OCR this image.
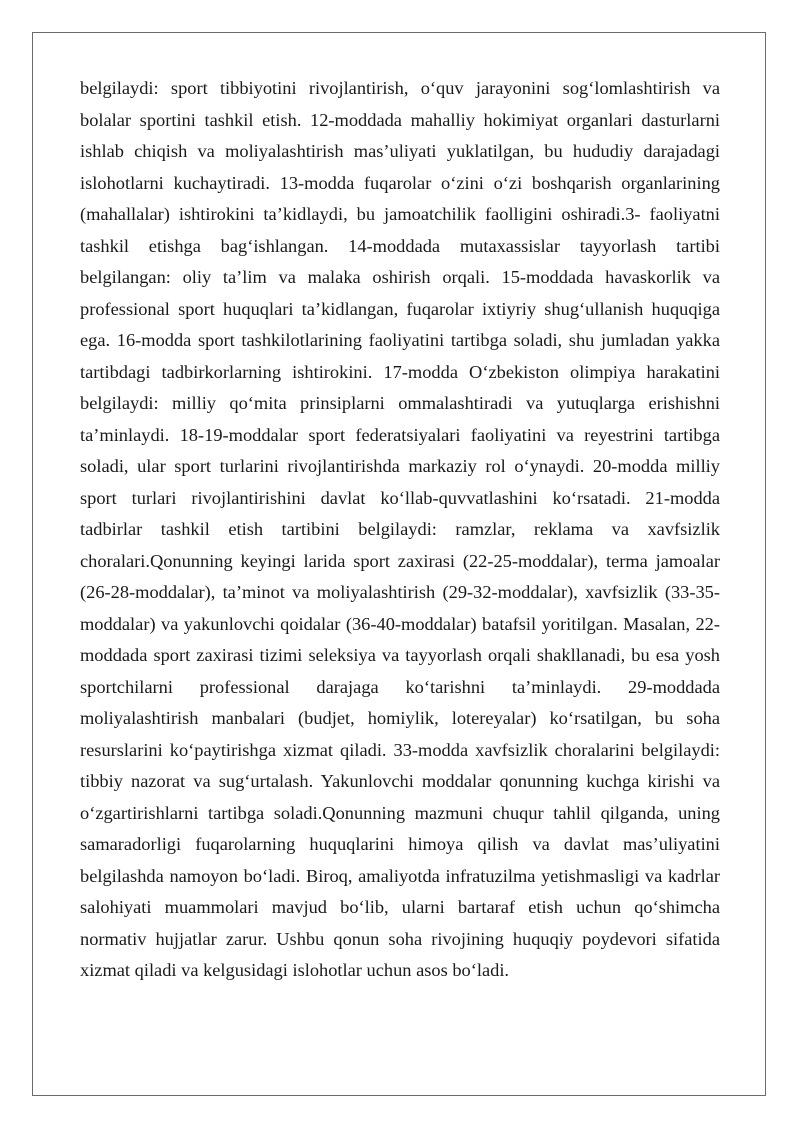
belgilaydi: sport tibbiyotini rivojlantirish, o‘quv jarayonini sog‘lomlashtirish va bolalar sportini tashkil etish. 12-moddada mahalliy hokimiyat organlari dasturlarni ishlab chiqish va moliyalashtirish mas’uliyati yuklatilgan, bu hududiy darajadagi islohotlarni kuchaytiradi. 13-modda fuqarolar o‘zini o‘zi boshqarish organlarining (mahallalar) ishtirokini ta’kidlaydi, bu jamoatchilik faolligini oshiradi.3- faoliyatni tashkil etishga bag‘ishlangan. 14-moddada mutaxassislar tayyorlash tartibi belgilangan: oliy ta’lim va malaka oshirish orqali. 15-moddada havaskorlik va professional sport huquqlari ta’kidlangan, fuqarolar ixtiyriy shug‘ullanish huquqiga ega. 16-modda sport tashkilotlarining faoliyatini tartibga soladi, shu jumladan yakka tartibdagi tadbirkorlarning ishtirokini. 17-modda O‘zbekiston olimpiya harakatini belgilaydi: milliy qo‘mita prinsiplarni ommalashtiradi va yutuqlarga erishishni ta’minlaydi. 18-19-moddalar sport federatsiyalari faoliyatini va reyestrini tartibga soladi, ular sport turlarini rivojlantirishda markaziy rol o‘ynaydi. 20-modda milliy sport turlari rivojlantirishini davlat ko‘llab-quvvatlashini ko‘rsatadi. 21-modda tadbirlar tashkil etish tartibini belgilaydi: ramzlar, reklama va xavfsizlik choralari.Qonunning keyingi larida sport zaxirasi (22-25-moddalar), terma jamoalar (26-28-moddalar), ta’minot va moliyalashtirish (29-32-moddalar), xavfsizlik (33-35-moddalar) va yakunlovchi qoidalar (36-40-moddalar) batafsil yoritilgan. Masalan, 22-moddada sport zaxirasi tizimi seleksiya va tayyorlash orqali shakllanadi, bu esa yosh sportchilarni professional darajaga ko‘tarishni ta’minlaydi. 29-moddada moliyalashtirish manbalari (budjet, homiylik, lotereyalar) ko‘rsatilgan, bu soha resurslarini ko‘paytirishga xizmat qiladi. 33-modda xavfsizlik choralarini belgilaydi: tibbiy nazorat va sug‘urtalash. Yakunlovchi moddalar qonunning kuchga kirishi va o‘zgartirishlarni tartibga soladi.Qonunning mazmuni chuqur tahlil qilganda, uning samaradorligi fuqarolarning huquqlarini himoya qilish va davlat mas’uliyatini belgilashda namoyon bo‘ladi. Biroq, amaliyotda infratuzilma yetishmasligi va kadrlar salohiyati muammolari mavjud bo‘lib, ularni bartaraf etish uchun qo‘shimcha normativ hujjatlar zarur. Ushbu qonun soha rivojining huquqiy poydevori sifatida xizmat qiladi va kelgusidagi islohotlar uchun asos bo‘ladi.
